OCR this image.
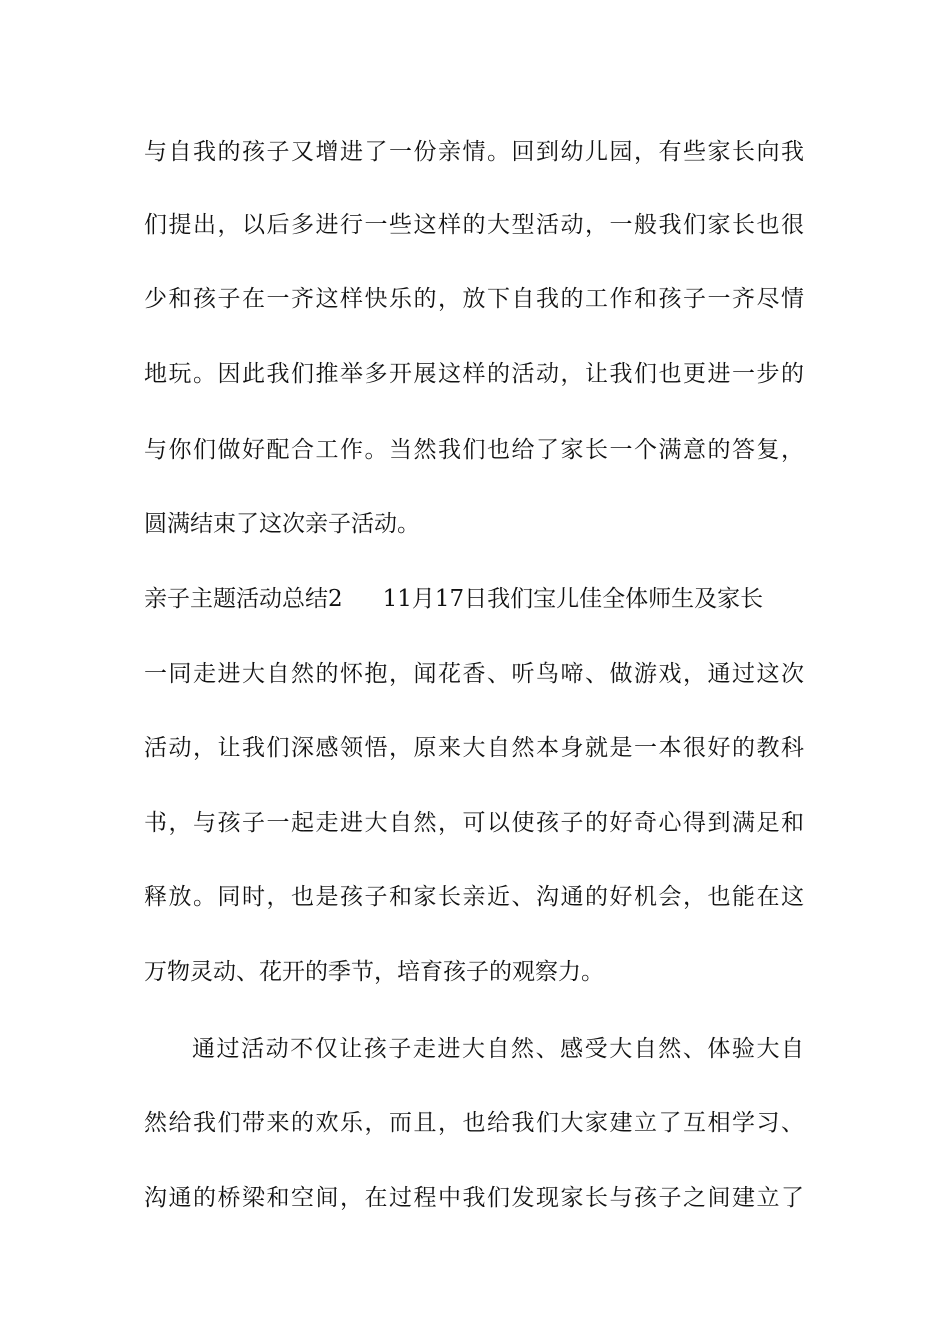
与自我的孩子又增进了一份亲情。回到幼儿园，有些家长向我
们提出，以后多进行一些这样的大型活动，一般我们家长也很
少和孩子在一齐这样快乐的，放下自我的工作和孩子一齐尽情
地玩。因此我们推举多开展这样的活动，让我们也更进一步的
与你们做好配合工作。当然我们也给了家长一个满意的答复，
圆满结束了这次亲子活动。
亲子主题活动总结2 11月17日我们宝儿佳全体师生及家长
一同走进大自然的怀抱，闻花香、听鸟啼、做游戏，通过这次
活动，让我们深感领悟，原来大自然本身就是一本很好的教科
书，与孩子一起走进大自然，可以使孩子的好奇心得到满足和
释放。同时，也是孩子和家长亲近、沟通的好机会，也能在这
万物灵动、花开的季节，培育孩子的观察力。
通过活动不仅让孩子走进大自然、感受大自然、体验大自
然给我们带来的欢乐，而且，也给我们大家建立了互相学习、
沟通的桥梁和空间，在过程中我们发现家长与孩子之间建立了
